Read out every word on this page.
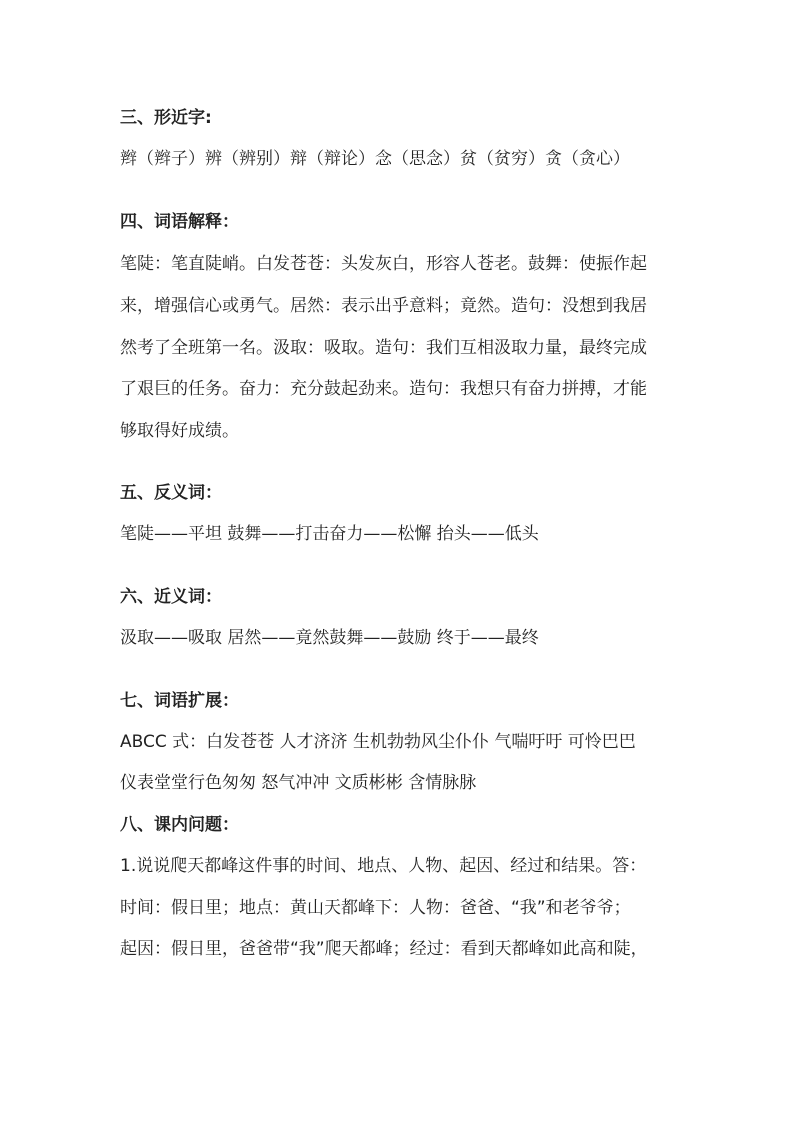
三、形近字:
辫（辫子）辨（辨别）辩（辩论）念（思念）贫（贫穷）贪（贪心）
四、词语解释：
笔陡：笔直陡峭。白发苍苍：头发灰白，形容人苍老。鼓舞：使振作起
来，增强信心或勇气。居然：表示出乎意料；竟然。造句：没想到我居
然考了全班第一名。汲取：吸取。造句：我们互相汲取力量，最终完成
了艰巨的任务。奋力：充分鼓起劲来。造句：我想只有奋力拼搏，才能
够取得好成绩。
五、反义词：
笔陡——平坦 鼓舞——打击奋力——松懈 抬头——低头
六、近义词：
汲取——吸取 居然——竟然鼓舞——鼓励 终于——最终
七、词语扩展：
ABCC 式：白发苍苍 人才济济 生机勃勃风尘仆仆 气喘吁吁 可怜巴巴
仪表堂堂行色匆匆 怒气冲冲 文质彬彬 含情脉脉
八、课内问题：
1.说说爬天都峰这件事的时间、地点、人物、起因、经过和结果。答：
时间：假日里；地点：黄山天都峰下：人物：爸爸、“我”和老爷爷；
起因：假日里，爸爸带“我”爬天都峰；经过：看到天都峰如此高和陡，
